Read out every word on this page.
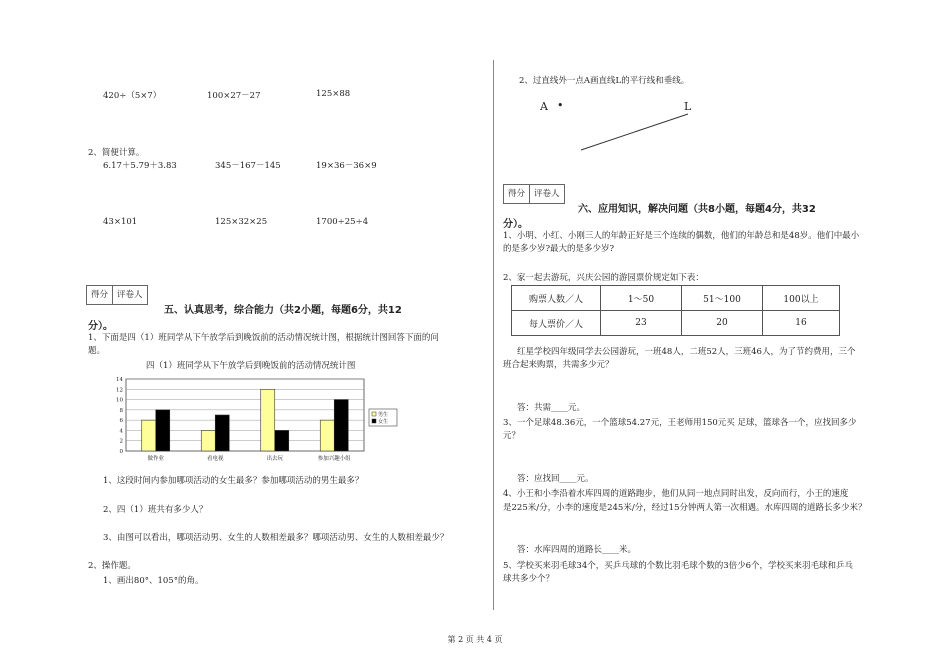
420÷（5×7）	100×27－27	125×88
2、简便计算。
6.17＋5.79＋3.83	345－167－145	19×36－36×9
43×101	125×32×25	1700÷25÷4
得分	评卷人
五、认真思考，综合能力（共2小题，每题6分，共12
分）。
1、下面是四（1）班同学从下午放学后到晚饭前的活动情况统计图，根据统计图回答下面的问
题。
四（1）班同学从下午放学后到晚饭前的活动情况统计图
0
2
4
6
8
10
12
14
做作业	看电视	出去玩	参加兴趣小组
男生
女生
1、这段时间内参加哪项活动的女生最多？参加哪项活动的男生最多？
2、四（1）班共有多少人？
3、由图可以看出，哪项活动男、女生的人数相差最多？哪项活动男、女生的人数相差最少？
2、操作题。
1、画出80°、105°的角。
2、过直线外一点A画直线L的平行线和垂线。
A •	L
得分	评卷人
六、应用知识，解决问题（共8小题，每题4分，共32
分）。
1、小明、小红、小刚三人的年龄正好是三个连续的偶数，他们的年龄总和是48岁。他们中最小
的是多少岁?最大的是多少岁?
2、家一起去游玩，兴庆公园的游园票价规定如下表：
购票人数／人	1～50	51～100	100以上
每人票价／人	23	20	16
红星学校四年级同学去公园游玩，一班48人，二班52人，三班46人，为了节约费用，三个
班合起来购票，共需多少元？
答：共需____元。
3、一个足球48.36元，一个篮球54.27元，王老师用150元买 足球，篮球各一个，应找回多少
元？
答：应找回____元。
4、小王和小李沿着水库四周的道路跑步，他们从同一地点同时出发，反向而行，小王的速度
是225米/分，小李的速度是245米/分，经过15分钟两人第一次相遇。水库四周的道路长多少米？
答：水库四周的道路长____米。
5、学校买来羽毛球34个，买乒乓球的个数比羽毛球个数的3倍少6个，学校买来羽毛球和乒乓
球共多少个？
第 2 页 共 4 页
